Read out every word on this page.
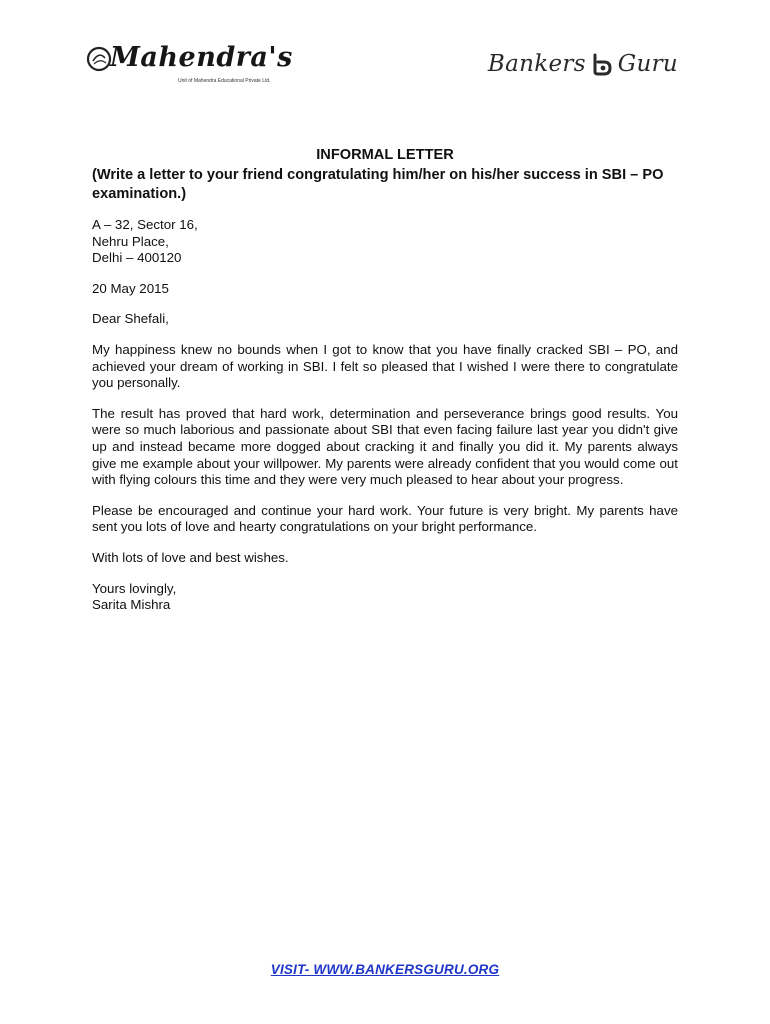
Mahendra's
Unit of Mahendra Educational Private Ltd.
Bankers Guru
INFORMAL LETTER
(Write a letter to your friend congratulating him/her on his/her success in SBI – PO examination.)
A – 32, Sector 16,
Nehru Place,
Delhi – 400120
20 May 2015
Dear Shefali,

My happiness knew no bounds when I got to know that you have finally cracked SBI – PO, and achieved your dream of working in SBI. I felt so pleased that I wished I were there to congratulate you personally.

The result has proved that hard work, determination and perseverance brings good results. You were so much laborious and passionate about SBI that even facing failure last year you didn't give up and instead became more dogged about cracking it and finally you did it. My parents always give me example about your willpower. My parents were already confident that you would come out with flying colours this time and they were very much pleased to hear about your progress.

Please be encouraged and continue your hard work. Your future is very bright. My parents have sent you lots of love and hearty congratulations on your bright performance.

With lots of love and best wishes.

Yours lovingly,
Sarita Mishra
VISIT- WWW.BANKERSGURU.ORG
